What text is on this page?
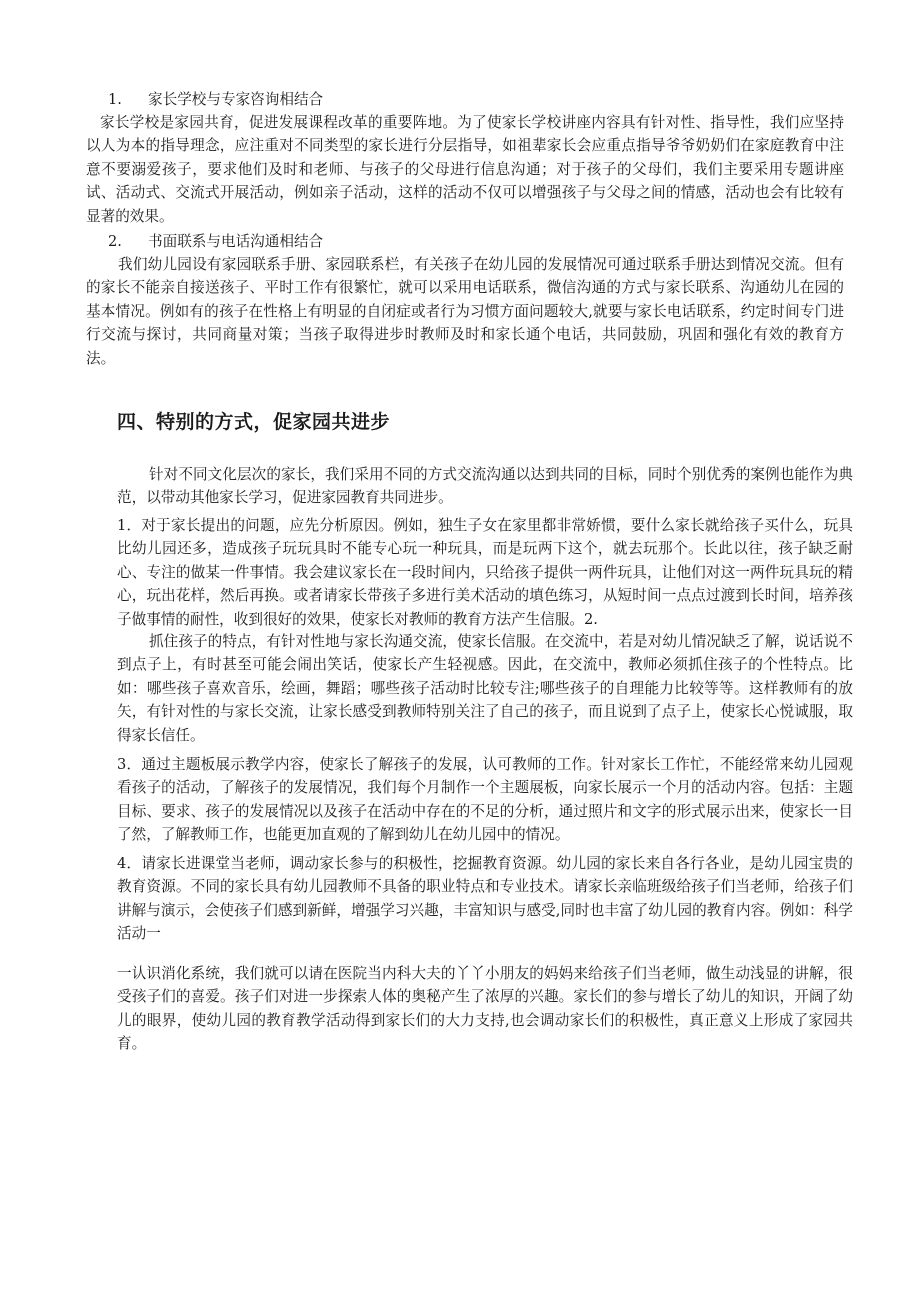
1. 家长学校与专家咨询相结合
家长学校是家园共育，促进发展课程改革的重要阵地。为了使家长学校讲座内容具有针对性、指导性，我们应坚持以人为本的指导理念，应注重对不同类型的家长进行分层指导，如祖辈家长会应重点指导爷爷奶奶们在家庭教育中注意不要溺爱孩子，要求他们及时和老师、与孩子的父母进行信息沟通；对于孩子的父母们，我们主要采用专题讲座试、活动式、交流式开展活动，例如亲子活动，这样的活动不仅可以增强孩子与父母之间的情感，活动也会有比较有显著的效果。
2. 书面联系与电话沟通相结合
我们幼儿园设有家园联系手册、家园联系栏，有关孩子在幼儿园的发展情况可通过联系手册达到情况交流。但有的家长不能亲自接送孩子、平时工作有很繁忙，就可以采用电话联系，微信沟通的方式与家长联系、沟通幼儿在园的基本情况。例如有的孩子在性格上有明显的自闭症或者行为习惯方面问题较大,就要与家长电话联系，约定时间专门进行交流与探讨，共同商量对策；当孩子取得进步时教师及时和家长通个电话，共同鼓励，巩固和强化有效的教育方法。
四、特别的方式，促家园共进步
针对不同文化层次的家长，我们采用不同的方式交流沟通以达到共同的目标，同时个别优秀的案例也能作为典范，以带动其他家长学习，促进家园教育共同进步。
1．对于家长提出的问题，应先分析原因。例如，独生子女在家里都非常娇惯，要什么家长就给孩子买什么，玩具比幼儿园还多，造成孩子玩玩具时不能专心玩一种玩具，而是玩两下这个，就去玩那个。长此以往，孩子缺乏耐心、专注的做某一件事情。我会建议家长在一段时间内，只给孩子提供一两件玩具，让他们对这一两件玩具玩的精心，玩出花样，然后再换。或者请家长带孩子多进行美术活动的填色练习，从短时间一点点过渡到长时间，培养孩子做事情的耐性，收到很好的效果，使家长对教师的教育方法产生信服。2.
抓住孩子的特点，有针对性地与家长沟通交流，使家长信服。在交流中，若是对幼儿情况缺乏了解，说话说不到点子上，有时甚至可能会闹出笑话，使家长产生轻视感。因此，在交流中，教师必须抓住孩子的个性特点。比如：哪些孩子喜欢音乐，绘画，舞蹈；哪些孩子活动时比较专注;哪些孩子的自理能力比较等等。这样教师有的放矢，有针对性的与家长交流，让家长感受到教师特别关注了自己的孩子，而且说到了点子上，使家长心悦诚服，取得家长信任。
3．通过主题板展示教学内容，使家长了解孩子的发展，认可教师的工作。针对家长工作忙，不能经常来幼儿园观看孩子的活动，了解孩子的发展情况，我们每个月制作一个主题展板，向家长展示一个月的活动内容。包括：主题目标、要求、孩子的发展情况以及孩子在活动中存在的不足的分析，通过照片和文字的形式展示出来，使家长一目了然，了解教师工作，也能更加直观的了解到幼儿在幼儿园中的情况。
4．请家长进课堂当老师，调动家长参与的积极性，挖掘教育资源。幼儿园的家长来自各行各业，是幼儿园宝贵的教育资源。不同的家长具有幼儿园教师不具备的职业特点和专业技术。请家长亲临班级给孩子们当老师，给孩子们讲解与演示，会使孩子们感到新鲜，增强学习兴趣，丰富知识与感受,同时也丰富了幼儿园的教育内容。例如：科学活动一
一认识消化系统，我们就可以请在医院当内科大夫的丫丫小朋友的妈妈来给孩子们当老师，做生动浅显的讲解，很受孩子们的喜爱。孩子们对进一步探索人体的奥秘产生了浓厚的兴趣。家长们的参与增长了幼儿的知识，开阔了幼儿的眼界，使幼儿园的教育教学活动得到家长们的大力支持,也会调动家长们的积极性，真正意义上形成了家园共育。
